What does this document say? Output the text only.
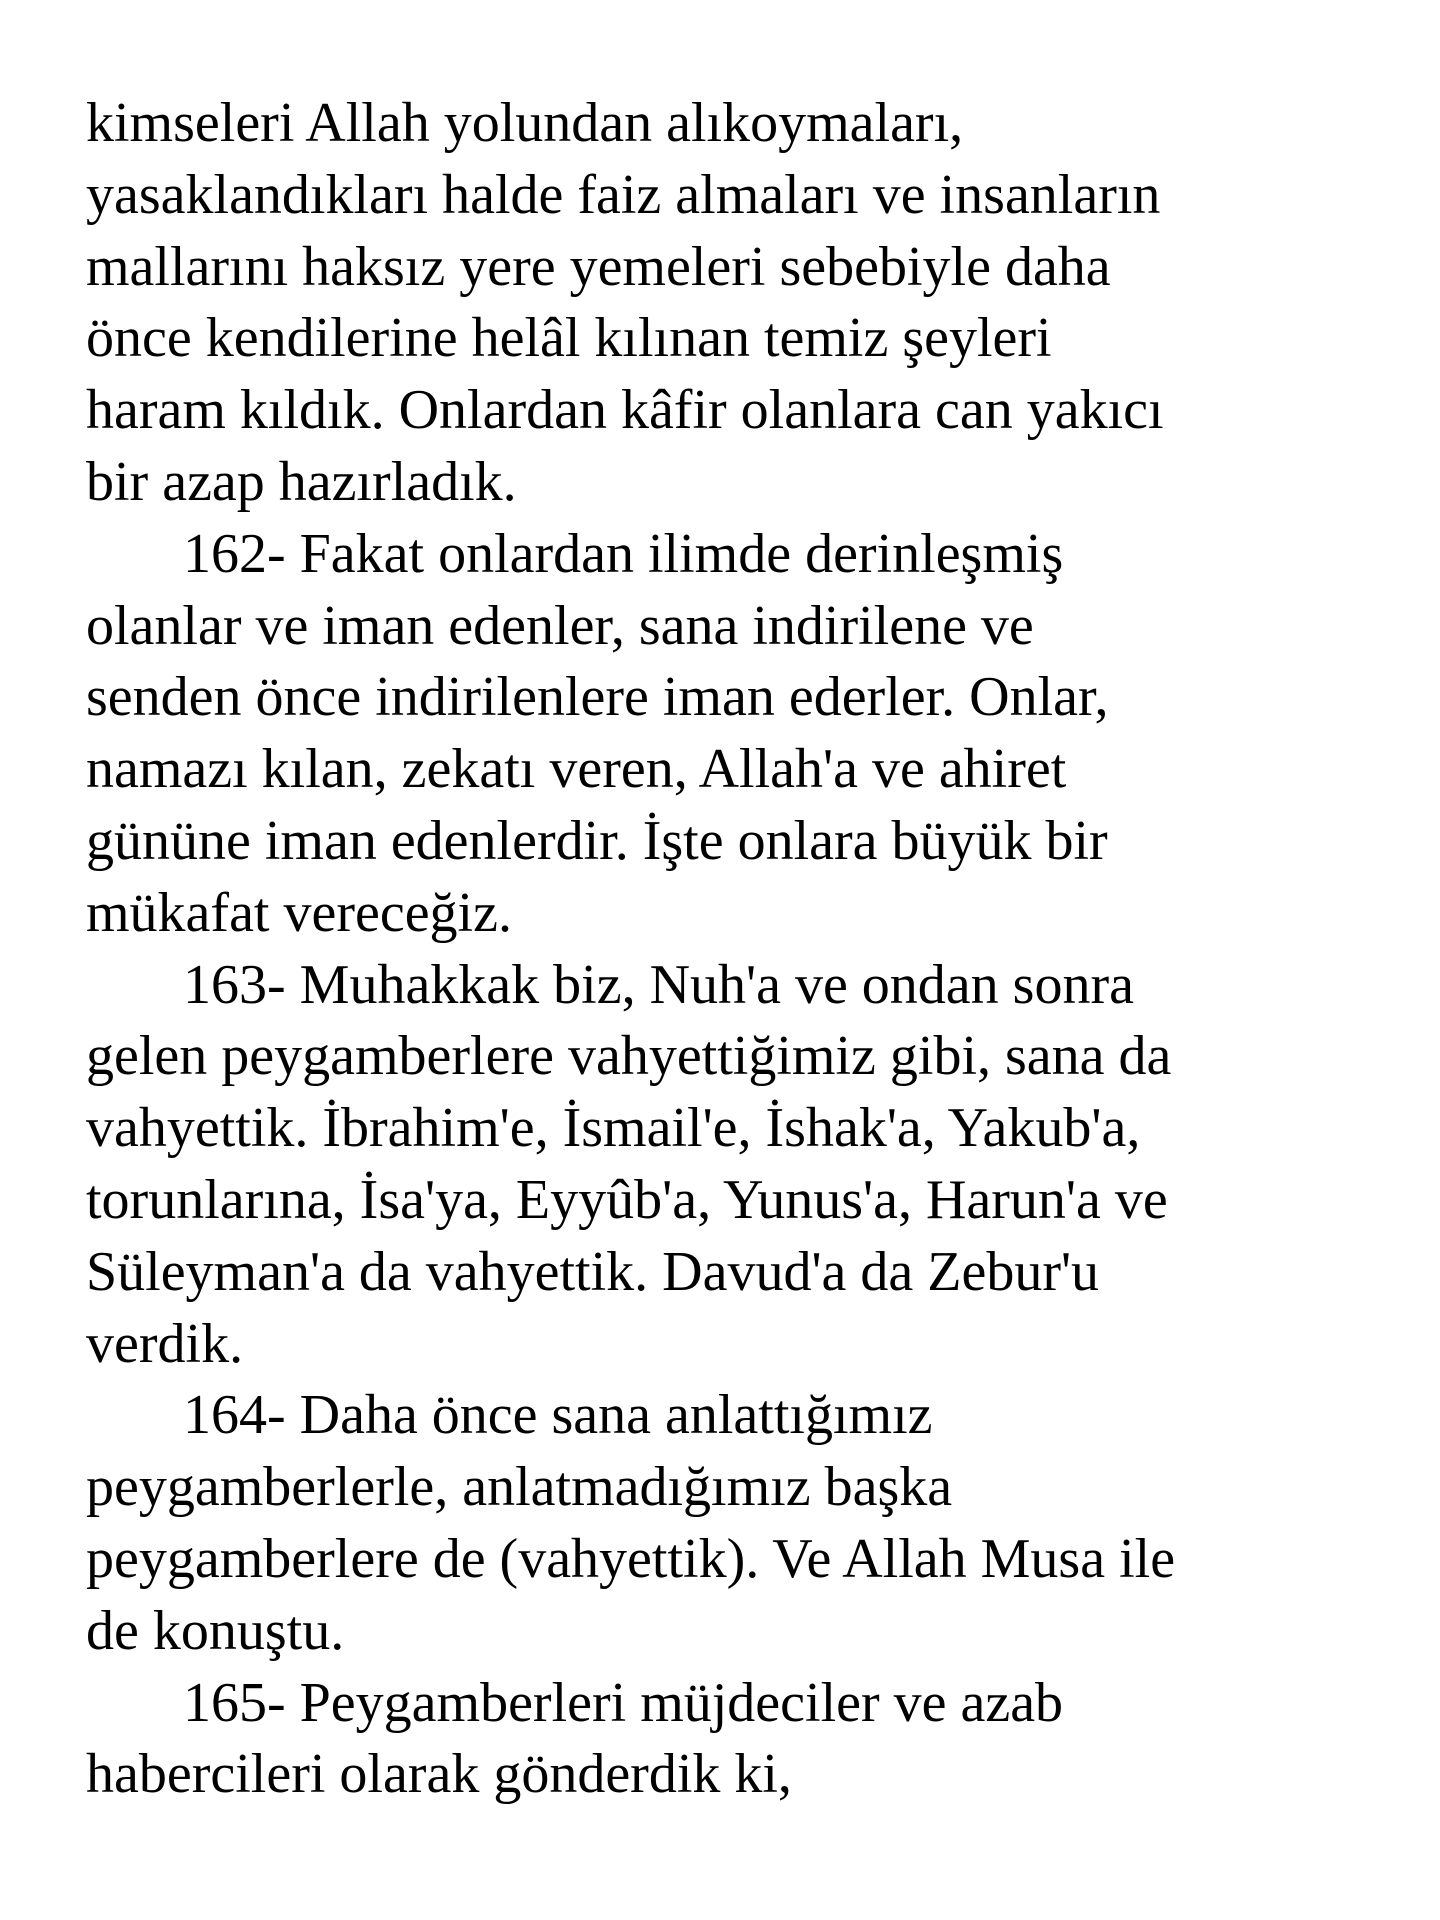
kimseleri Allah yolundan alıkoymaları,
yasaklandıkları halde faiz almaları ve insanların
mallarını haksız yere yemeleri sebebiyle daha
önce kendilerine helâl kılınan temiz şeyleri
haram kıldık. Onlardan kâfir olanlara can yakıcı
bir azap hazırladık.
162- Fakat onlardan ilimde derinleşmiş
olanlar ve iman edenler, sana indirilene ve
senden önce indirilenlere iman ederler. Onlar,
namazı kılan, zekatı veren, Allah'a ve ahiret
gününe iman edenlerdir. İşte onlara büyük bir
mükafat vereceğiz.
163- Muhakkak biz, Nuh'a ve ondan sonra
gelen peygamberlere vahyettiğimiz gibi, sana da
vahyettik. İbrahim'e, İsmail'e, İshak'a, Yakub'a,
torunlarına, İsa'ya, Eyyûb'a, Yunus'a, Harun'a ve
Süleyman'a da vahyettik. Davud'a da Zebur'u
verdik.
164- Daha önce sana anlattığımız
peygamberlerle, anlatmadığımız başka
peygamberlere de (vahyettik). Ve Allah Musa ile
de konuştu.
165- Peygamberleri müjdeciler ve azab
habercileri olarak gönderdik ki,
